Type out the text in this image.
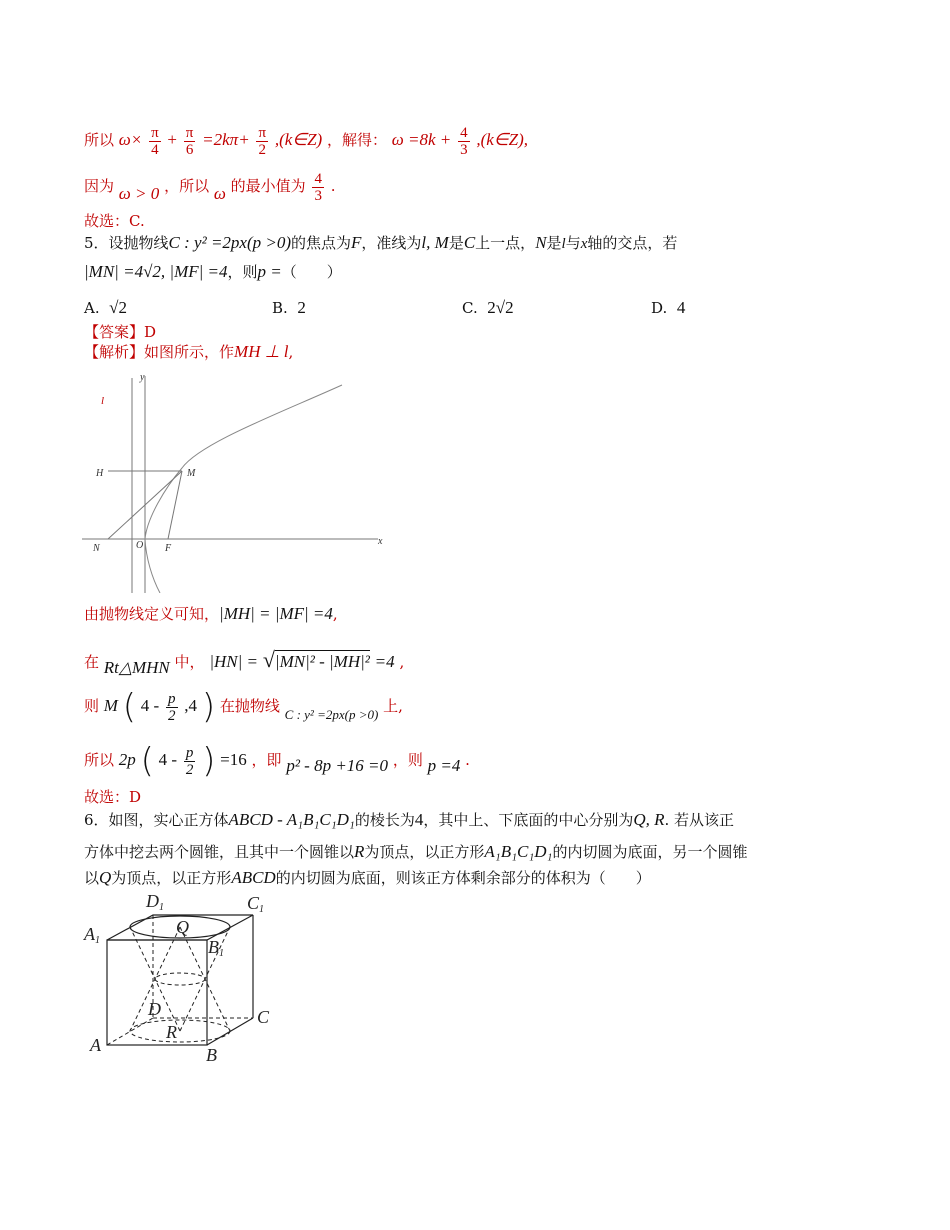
所以 $\omega\times \frac{\pi}{4} + \frac{\pi}{6} =2k\pi+ \frac{\pi}{2}$ ,(k∈Z) ，解得： $\omega =8k + \frac{4}{3}$ ,(k∈Z),
因为 ω > 0 ，所以 ω 的最小值为 $\frac{4}{3}$ .
故选：C.
5．设抛物线C : y² =2px(p >0)的焦点为F，准线为l, M是C上一点，N是l与x轴的交点，若
|MN| =4√2, |MF| =4，则p =（　　）
A. √2	B. 2	C. 2√2	D. 4
【答案】D
【解析】如图所示，作MH ⊥ l,
y
l
H	M
N	O F
x
由抛物线定义可知，|MH| = |MF| =4,
在 Rt△MHN 中， |HN| = √|MN|² - |MH|² =4 ,
则 M ( $4 - \frac{p}{2} ,4$ ) 在抛物线 C : y² =2px(p >0) 上,
所以 2p ( $4 - \frac{p}{2}$ ) =16 ，即 p² - 8p +16 =0 ，则 p =4 .
故选：D
6．如图，实心正方体ABCD - A₁B₁C₁D₁的棱长为4，其中上、下底面的中心分别为Q, R. 若从该正
方体中挖去两个圆锥，且其中一个圆锥以R为顶点，以正方形A₁B₁C₁D₁的内切圆为底面，另一个圆锥
以Q为顶点，以正方形ABCD的内切圆为底面，则该正方体剩余部分的体积为（　　）
D1	C1
A1
Q
B1
D	C
R
A	B
